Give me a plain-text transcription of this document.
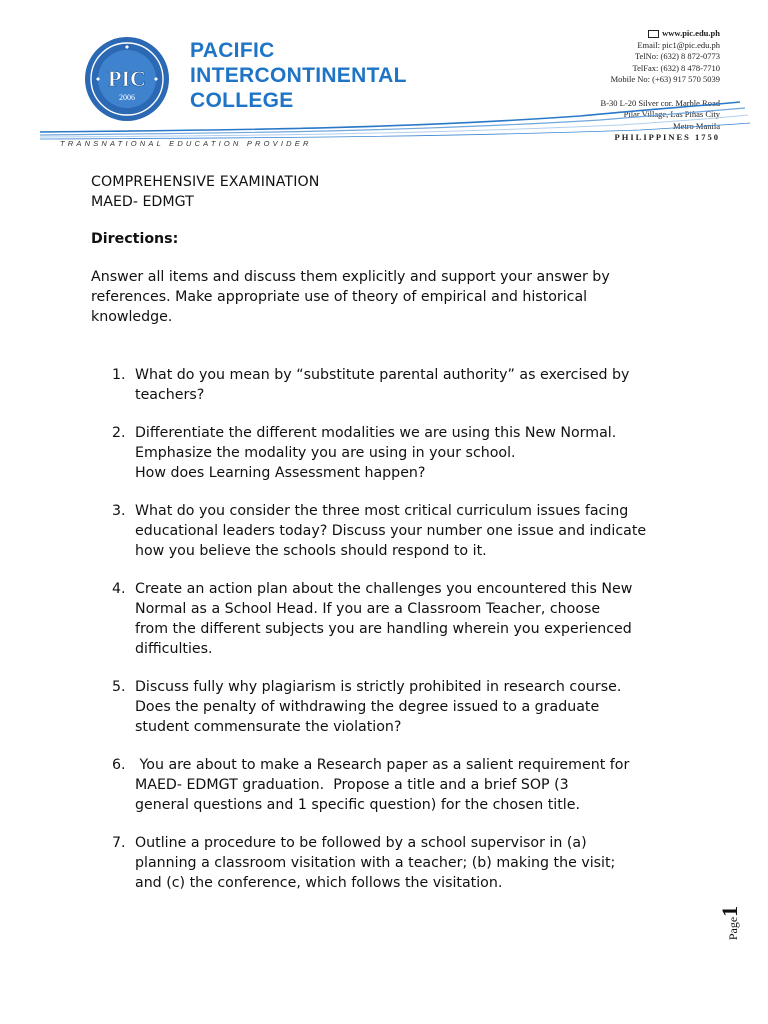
PIC
2006
PACIFIC
INTERCONTINENTAL
COLLEGE
www.pic.edu.ph
Email: pic1@pic.edu.ph
TelNo: (632) 8 872-0773
TelFax: (632) 8 478-7710
Mobile No: (+63) 917 570 5039
B-30 L-20 Silver cor. Marble Road
Pilar Village, Las Piñas City
Metro Manila
PHILIPPINES 1750
TRANSNATIONAL EDUCATION PROVIDER
COMPREHENSIVE EXAMINATION
MAED- EDMGT
Directions:
Answer all items and discuss them explicitly and support your answer by
references. Make appropriate use of theory of empirical and historical
knowledge.
1. What do you mean by “substitute parental authority” as exercised by
teachers?
2. Differentiate the different modalities we are using this New Normal.
Emphasize the modality you are using in your school.
How does Learning Assessment happen?
3. What do you consider the three most critical curriculum issues facing
educational leaders today? Discuss your number one issue and indicate
how you believe the schools should respond to it.
4. Create an action plan about the challenges you encountered this New
Normal as a School Head. If you are a Classroom Teacher, choose
from the different subjects you are handling wherein you experienced
difficulties.
5. Discuss fully why plagiarism is strictly prohibited in research course.
Does the penalty of withdrawing the degree issued to a graduate
student commensurate the violation?
6. You are about to make a Research paper as a salient requirement for
MAED- EDMGT graduation.  Propose a title and a brief SOP (3
general questions and 1 specific question) for the chosen title.
7. Outline a procedure to be followed by a school supervisor in (a)
planning a classroom visitation with a teacher; (b) making the visit;
and (c) the conference, which follows the visitation.
Page1
